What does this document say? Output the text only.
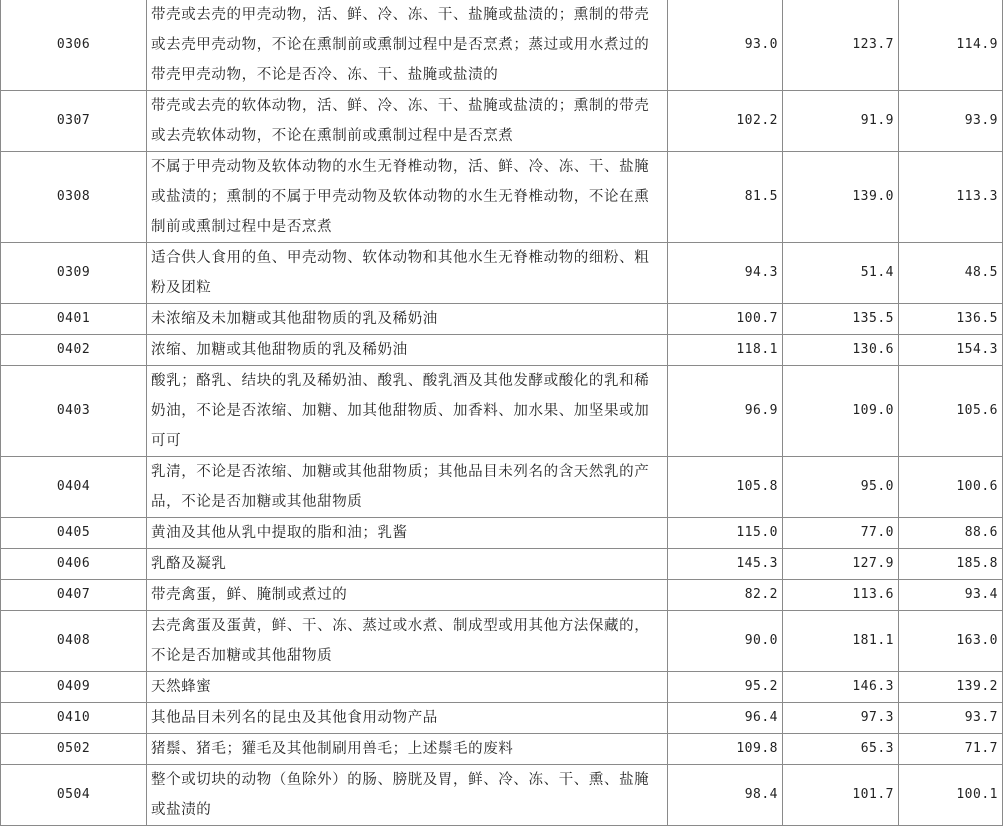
0306	带壳或去壳的甲壳动物，活、鲜、冷、冻、干、盐腌或盐渍的；熏制的带壳或去壳甲壳动物，不论在熏制前或熏制过程中是否烹煮；蒸过或用水煮过的带壳甲壳动物，不论是否冷、冻、干、盐腌或盐渍的	93.0	123.7	114.9
0307	带壳或去壳的软体动物，活、鲜、冷、冻、干、盐腌或盐渍的；熏制的带壳或去壳软体动物，不论在熏制前或熏制过程中是否烹煮	102.2	91.9	93.9
0308	不属于甲壳动物及软体动物的水生无脊椎动物，活、鲜、冷、冻、干、盐腌或盐渍的；熏制的不属于甲壳动物及软体动物的水生无脊椎动物，不论在熏制前或熏制过程中是否烹煮	81.5	139.0	113.3
0309	适合供人食用的鱼、甲壳动物、软体动物和其他水生无脊椎动物的细粉、粗粉及团粒	94.3	51.4	48.5
0401	未浓缩及未加糖或其他甜物质的乳及稀奶油	100.7	135.5	136.5
0402	浓缩、加糖或其他甜物质的乳及稀奶油	118.1	130.6	154.3
0403	酸乳；酪乳、结块的乳及稀奶油、酸乳、酸乳酒及其他发酵或酸化的乳和稀奶油，不论是否浓缩、加糖、加其他甜物质、加香料、加水果、加坚果或加可可	96.9	109.0	105.6
0404	乳清，不论是否浓缩、加糖或其他甜物质；其他品目未列名的含天然乳的产品，不论是否加糖或其他甜物质	105.8	95.0	100.6
0405	黄油及其他从乳中提取的脂和油；乳酱	115.0	77.0	88.6
0406	乳酪及凝乳	145.3	127.9	185.8
0407	带壳禽蛋，鲜、腌制或煮过的	82.2	113.6	93.4
0408	去壳禽蛋及蛋黄，鲜、干、冻、蒸过或水煮、制成型或用其他方法保藏的，不论是否加糖或其他甜物质	90.0	181.1	163.0
0409	天然蜂蜜	95.2	146.3	139.2
0410	其他品目未列名的昆虫及其他食用动物产品	96.4	97.3	93.7
0502	猪鬃、猪毛；獾毛及其他制刷用兽毛；上述鬃毛的废料	109.8	65.3	71.7
0504	整个或切块的动物（鱼除外）的肠、膀胱及胃，鲜、冷、冻、干、熏、盐腌或盐渍的	98.4	101.7	100.1
